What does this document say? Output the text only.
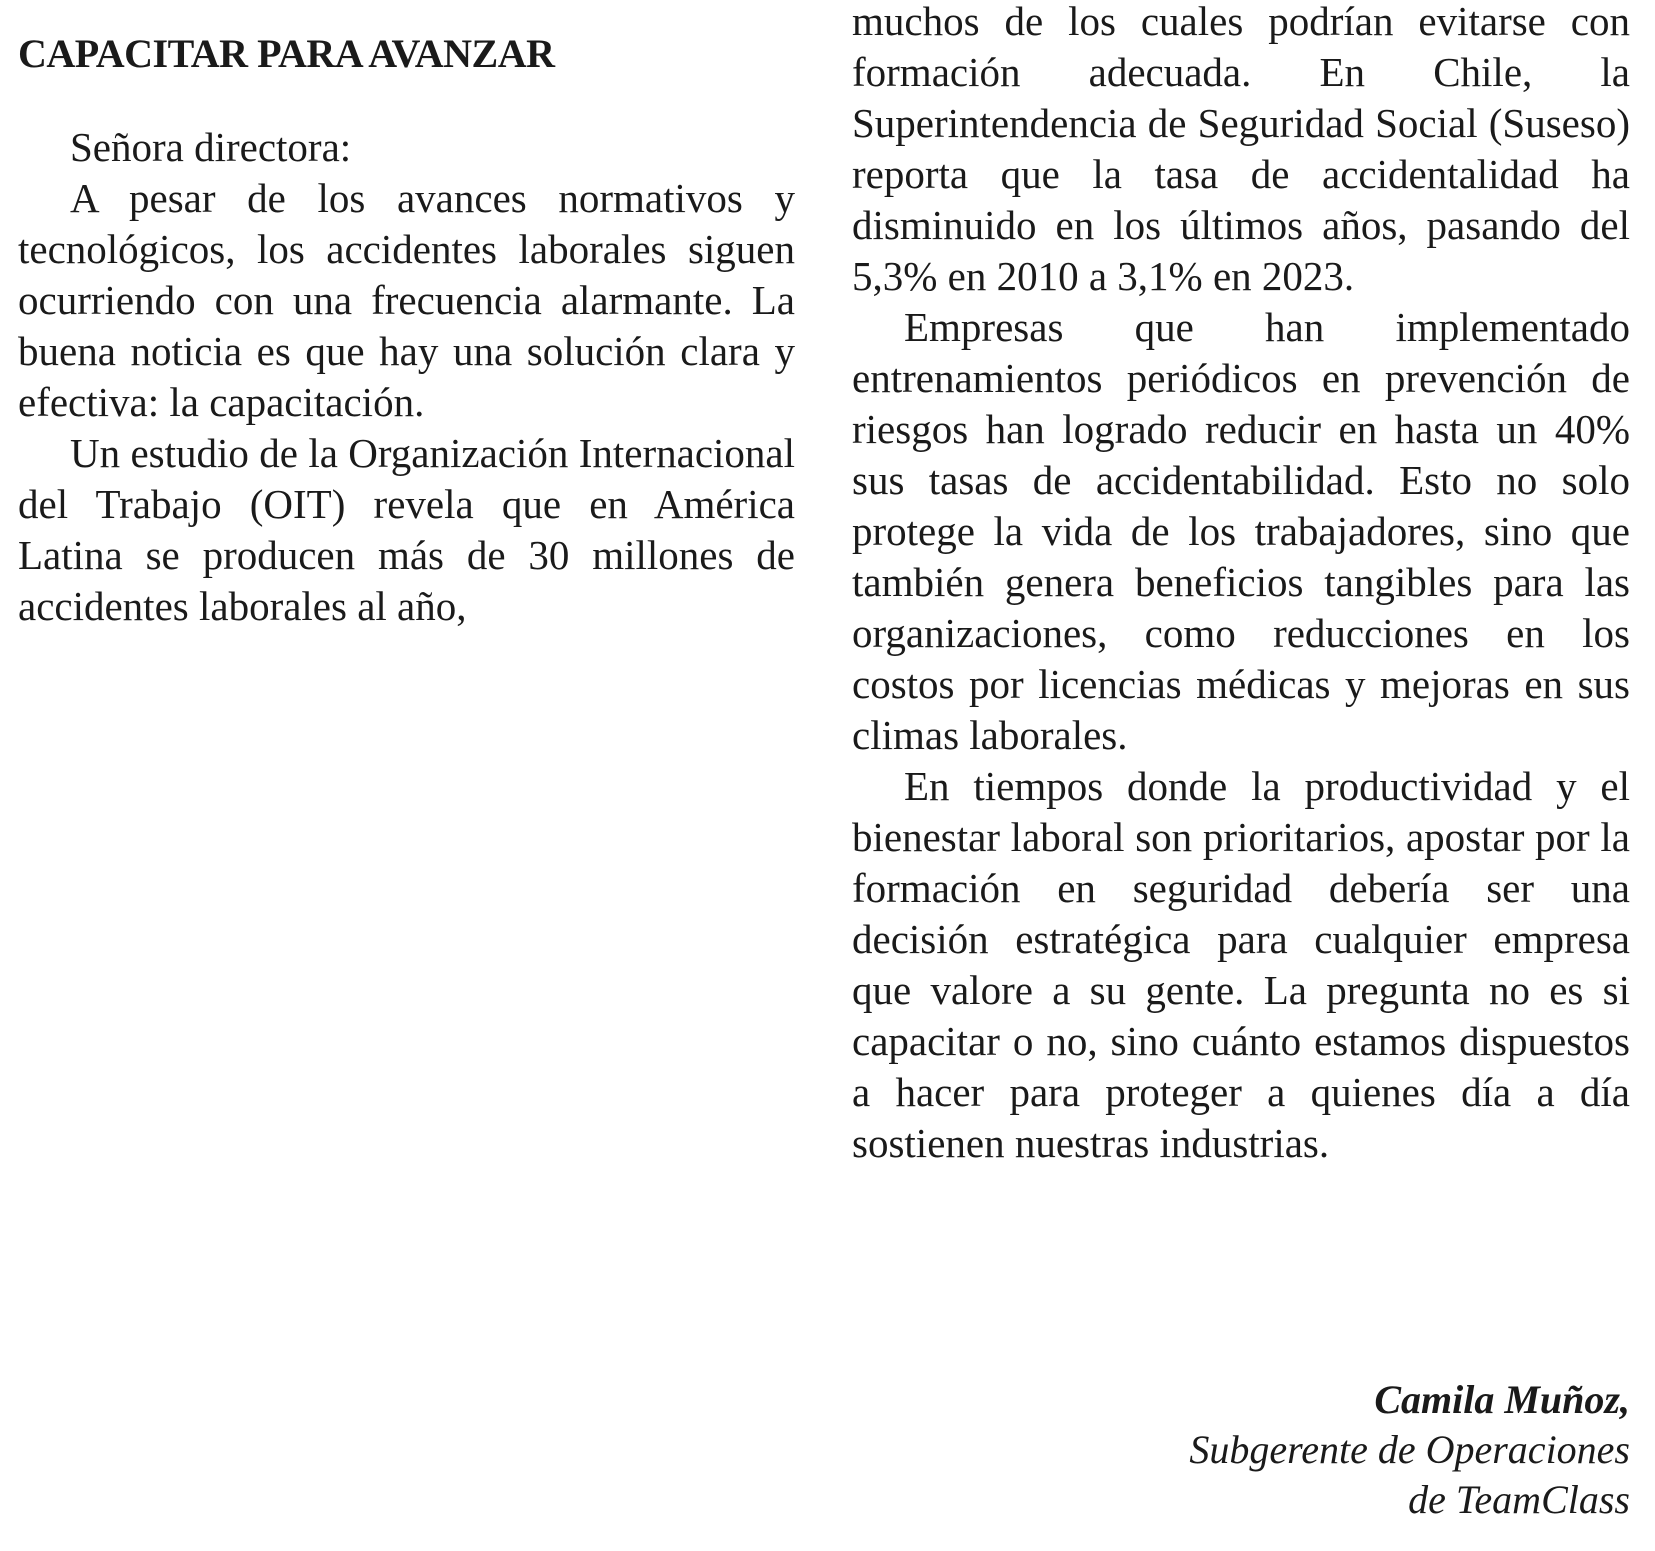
CAPACITAR PARA AVANZAR

Señora directora:

A pesar de los avances normativos y tecnológicos, los accidentes laborales siguen ocurriendo con una frecuencia alarmante. La buena noticia es que hay una solución clara y efectiva: la capacitación.

Un estudio de la Organización Internacional del Trabajo (OIT) revela que en América Latina se producen más de 30 millones de accidentes laborales al año,

muchos de los cuales podrían evitarse con formación adecuada. En Chile, la Superintendencia de Seguridad Social (Suseso) reporta que la tasa de accidentalidad ha disminuido en los últimos años, pasando del 5,3% en 2010 a 3,1% en 2023.

Empresas que han implementado entrenamientos periódicos en prevención de riesgos han logrado reducir en hasta un 40% sus tasas de accidentabilidad. Esto no solo protege la vida de los trabajadores, sino que también genera beneficios tangibles para las organizaciones, como reducciones en los costos por licencias médicas y mejoras en sus climas laborales.

En tiempos donde la productividad y el bienestar laboral son prioritarios, apostar por la formación en seguridad debería ser una decisión estratégica para cualquier empresa que valore a su gente. La pregunta no es si capacitar o no, sino cuánto estamos dispuestos a hacer para proteger a quienes día a día sostienen nuestras industrias.

Camila Muñoz,
Subgerente de Operaciones
de TeamClass
